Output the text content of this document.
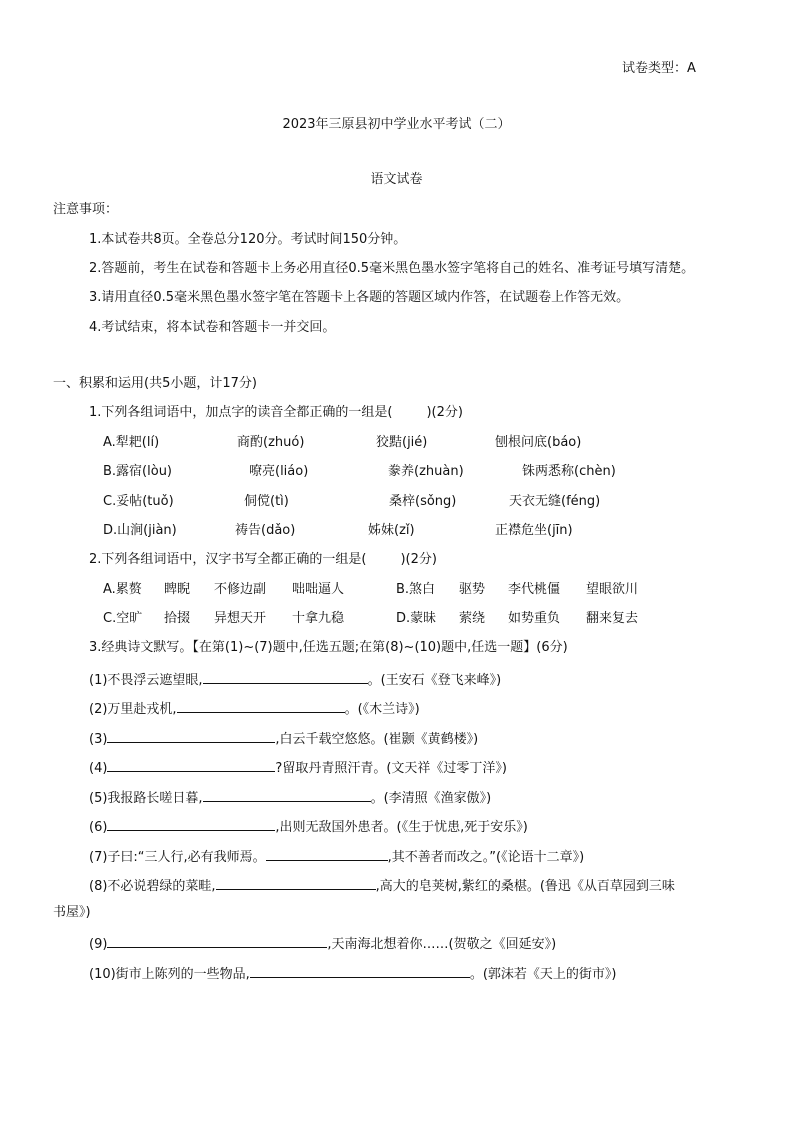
试卷类型：A
2023年三原县初中学业水平考试（二）
语文试卷
注意事项：
1.本试卷共8页。全卷总分120分。考试时间150分钟。
2.答题前，考生在试卷和答题卡上务必用直径0.5毫米黑色墨水签字笔将自己的姓名、准考证号填写清楚。
3.请用直径0.5毫米黑色墨水签字笔在答题卡上各题的答题区域内作答，在试题卷上作答无效。
4.考试结束，将本试卷和答题卡一并交回。
一、积累和运用(共5小题，计17分)
1.下列各组词语中，加点字的读音全都正确的一组是(	)(2分)
A.犁耙(lí)	商酌(zhuó)	狡黠(jié)	刨根问底(báo)
B.露宿(lòu)	嘹亮(liáo)	豢养(zhuàn)	铢两悉称(chèn)
C.妥帖(tuǒ)	侗傥(tì)	桑梓(sǒng)	天衣无缝(féng)
D.山涧(jiàn)	祷告(dǎo)	姊妹(zǐ)	正襟危坐(jīn)
2.下列各组词语中，汉字书写全都正确的一组是(	)(2分)
A.累赘 睥睨 不修边副 咄咄逼人	B.煞白 驱势 李代桃僵 望眼欲川
C.空旷 拾掇 异想天开 十拿九稳	D.蒙昧 萦绕 如势重负 翻来复去
3.经典诗文默写。【在第(1)~(7)题中,任选五题;在第(8)~(10)题中,任选一题】(6分)
(1)不畏浮云遮望眼,	。(王安石《登飞来峰》)
(2)万里赴戎机,	。(《木兰诗》)
(3)	,白云千载空悠悠。(崔颢《黄鹤楼》)
(4)	?留取丹青照汗青。(文天祥《过零丁洋》)
(5)我报路长嗟日暮,	。(李清照《渔家傲》)
(6)	,出则无敌国外患者。(《生于忧患,死于安乐》)
(7)子曰:“三人行,必有我师焉。	,其不善者而改之。”(《论语十二章》)
(8)不必说碧绿的菜畦,	,高大的皂荚树,紫红的桑椹。(鲁迅《从百草园到三味
书屋》)
(9)	,天南海北想着你……(贺敬之《回延安》)
(10)街市上陈列的一些物品,	。(郭沫若《天上的街市》)
